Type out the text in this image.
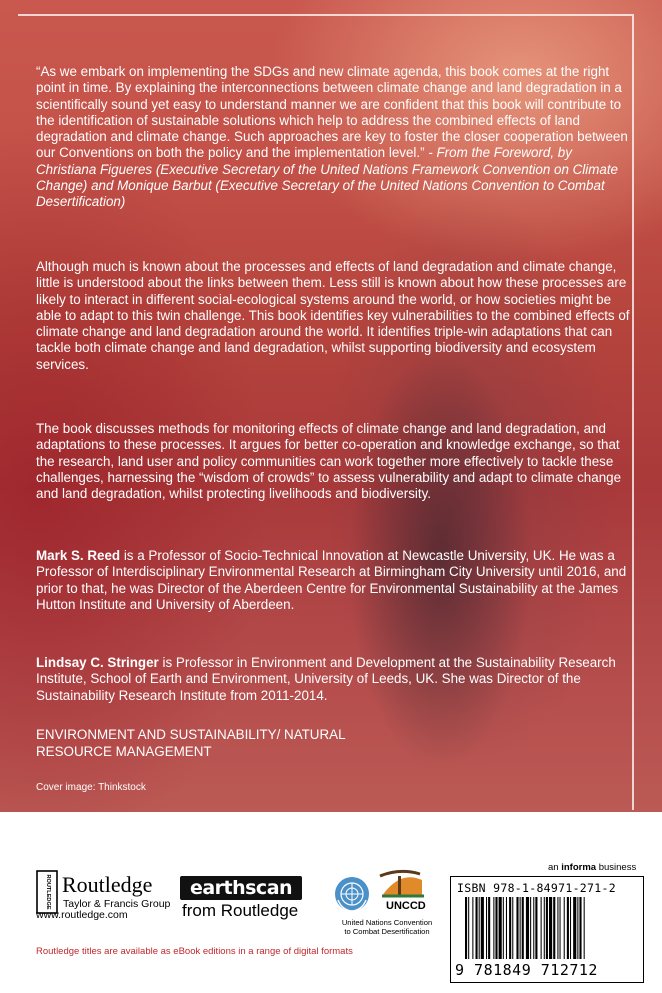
“As we embark on implementing the SDGs and new climate agenda, this book comes at the right point in time. By explaining the interconnections between climate change and land degradation in a scientifically sound yet easy to understand manner we are confident that this book will contribute to the identification of sustainable solutions which help to address the combined effects of land degradation and climate change. Such approaches are key to foster the closer cooperation between our Conventions on both the policy and the implementation level.” - From the Foreword, by Christiana Figueres (Executive Secretary of the United Nations Framework Convention on Climate Change) and Monique Barbut (Executive Secretary of the United Nations Convention to Combat Desertification)

Although much is known about the processes and effects of land degradation and climate change, little is understood about the links between them. Less still is known about how these processes are likely to interact in different social-ecological systems around the world, or how societies might be able to adapt to this twin challenge. This book identifies key vulnerabilities to the combined effects of climate change and land degradation around the world. It identifies triple-win adaptations that can tackle both climate change and land degradation, whilst supporting biodiversity and ecosystem services.

The book discusses methods for monitoring effects of climate change and land degradation, and adaptations to these processes. It argues for better co-operation and knowledge exchange, so that the research, land user and policy communities can work together more effectively to tackle these challenges, harnessing the “wisdom of crowds” to assess vulnerability and adapt to climate change and land degradation, whilst protecting livelihoods and biodiversity.

Mark S. Reed is a Professor of Socio-Technical Innovation at Newcastle University, UK. He was a Professor of Interdisciplinary Environmental Research at Birmingham City University until 2016, and prior to that, he was Director of the Aberdeen Centre for Environmental Sustainability at the James Hutton Institute and University of Aberdeen.

Lindsay C. Stringer is Professor in Environment and Development at the Sustainability Research Institute, School of Earth and Environment, University of Leeds, UK. She was Director of the Sustainability Research Institute from 2011-2014.

ENVIRONMENT AND SUSTAINABILITY/ NATURAL

RESOURCE MANAGEMENT

Cover image: Thinkstock

ROUTLEDGE Routledge
Taylor & Francis Group
www.routledge.com
earthscan
from Routledge	UNCCD
United Nations Convention
to Combat Desertification
an informa business
ISBN 978-1-84971-271-2
9 781849 712712
Routledge titles are available as eBook editions in a range of digital formats
